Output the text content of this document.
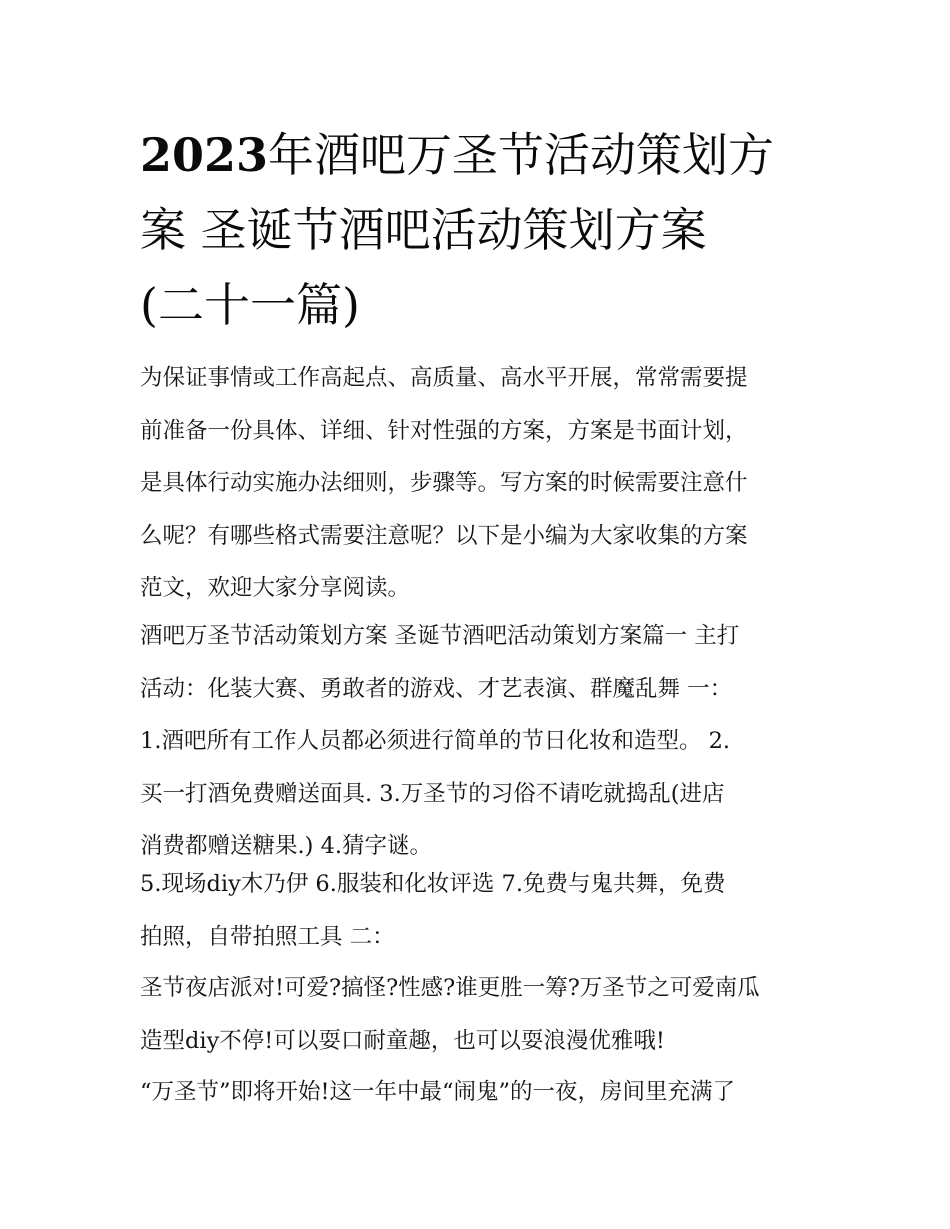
2023年酒吧万圣节活动策划方
案 圣诞节酒吧活动策划方案
(二十一篇)

为保证事情或工作高起点、高质量、高水平开展，常常需要提
前准备一份具体、详细、针对性强的方案，方案是书面计划，
是具体行动实施办法细则，步骤等。写方案的时候需要注意什
么呢？有哪些格式需要注意呢？以下是小编为大家收集的方案
范文，欢迎大家分享阅读。

酒吧万圣节活动策划方案 圣诞节酒吧活动策划方案篇一 主打
活动：化装大赛、勇敢者的游戏、才艺表演、群魔乱舞 一：

1.酒吧所有工作人员都必须进行简单的节日化妆和造型。 2.
买一打酒免费赠送面具. 3.万圣节的习俗不请吃就捣乱(进店
消费都赠送糖果.) 4.猜字谜。

5.现场diy木乃伊 6.服装和化妆评选 7.免费与鬼共舞，免费
拍照，自带拍照工具 二：

圣节夜店派对!可爱?搞怪?性感?谁更胜一筹?万圣节之可爱南瓜
造型diy不停!可以耍口耐童趣，也可以耍浪漫优雅哦!

“万圣节”即将开始!这一年中最“闹鬼”的一夜，房间里充满了
